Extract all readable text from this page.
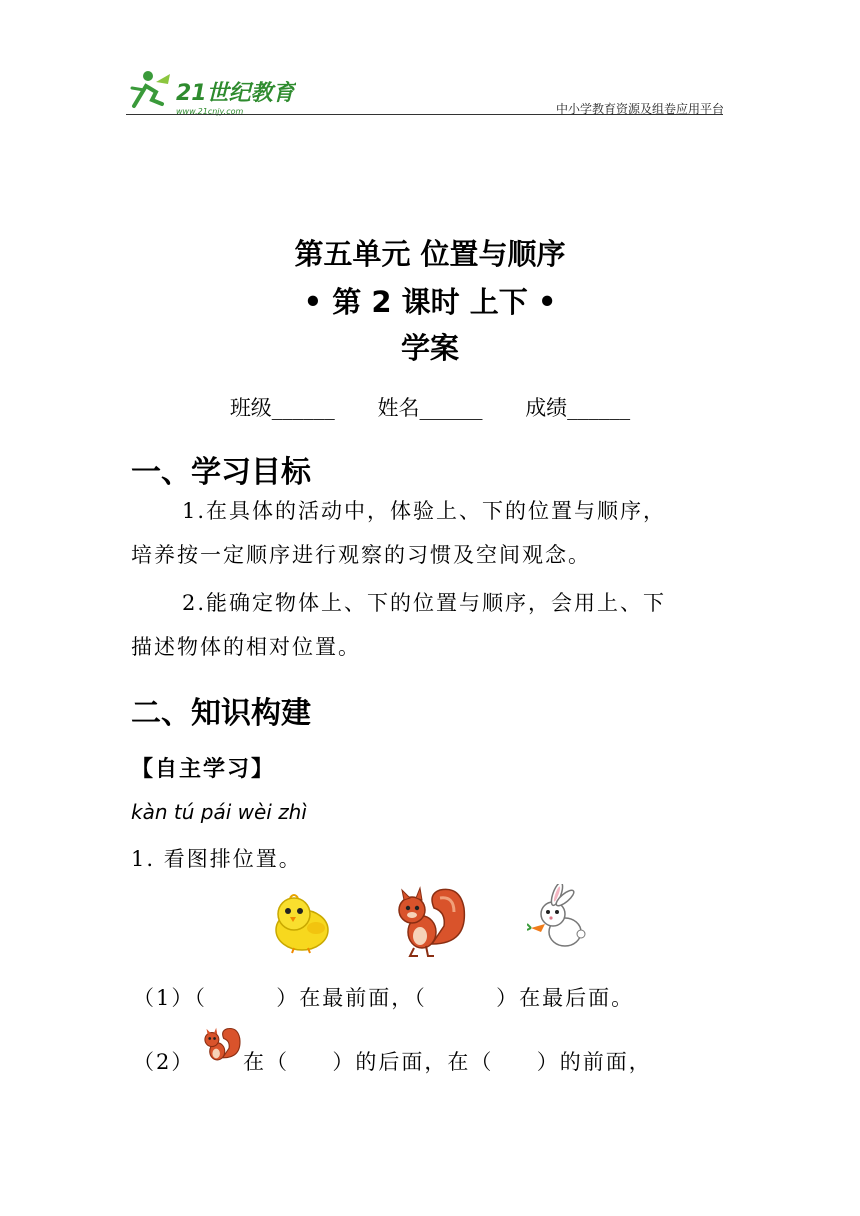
21世纪教育
www.21cnjy.com	中小学教育资源及组卷应用平台
第五单元 位置与顺序
• 第 2 课时 上下 •
学案
班级______ 姓名______ 成绩______
一、学习目标
1.在具体的活动中，体验上、下的位置与顺序，
培养按一定顺序进行观察的习惯及空间观念。
2.能确定物体上、下的位置与顺序，会用上、下
描述物体的相对位置。
二、知识构建
【自主学习】
kàn tú pái wèi zhì
1. 看图排位置。
（1）（        ）在最前面，（        ）在最后面。
（2） 在（     ）的后面，在（     ）的前面，
